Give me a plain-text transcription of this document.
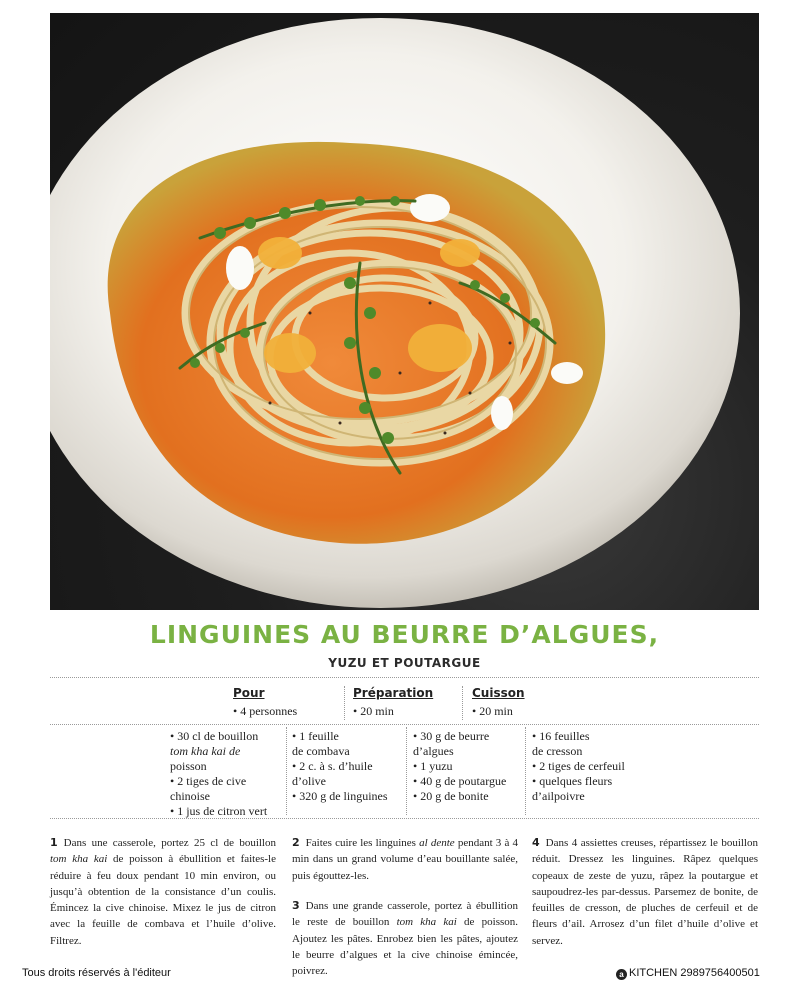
LINGUINES AU BEURRE D’ALGUES,
YUZU ET POUTARGUE
Pour
• 4 personnes
Préparation
• 20 min
Cuisson
• 20 min
• 30 cl de bouillon
tom kha kai de
poisson
• 2 tiges de cive
chinoise
• 1 jus de citron vert
• 1 feuille
de combava
• 2 c. à s. d’huile
d’olive
• 320 g de linguines
• 30 g de beurre
d’algues
• 1 yuzu
• 40 g de poutargue
• 20 g de bonite
• 16 feuilles
de cresson
• 2 tiges de cerfeuil
• quelques fleurs
d’ailpoivre
1 Dans une casserole, portez 25 cl de bouillon tom kha kai de poisson à ébullition et faites-le réduire à feu doux pendant 10 min environ, ou jusqu’à obtention de la consistance d’un coulis. Émincez la cive chinoise. Mixez le jus de citron avec la feuille de combava et l’huile d’olive. Filtrez.
2 Faites cuire les linguines al dente pendant 3 à 4 min dans un grand volume d’eau bouillante salée, puis égouttez-les.
3 Dans une grande casserole, portez à ébullition le reste de bouillon tom kha kai de poisson. Ajoutez les pâtes. Enrobez bien les pâtes, ajoutez le beurre d’algues et la cive chinoise émincée, poivrez.
4 Dans 4 assiettes creuses, répartissez le bouillon réduit. Dressez les linguines. Râpez quelques copeaux de zeste de yuzu, râpez la poutargue et saupoudrez-les par-dessus. Parsemez de bonite, de feuilles de cresson, de pluches de cerfeuil et de fleurs d’ail. Arrosez d’un filet d’huile d’olive et servez.
Tous droits réservés à l'éditeur	a KITCHEN 2989756400501
